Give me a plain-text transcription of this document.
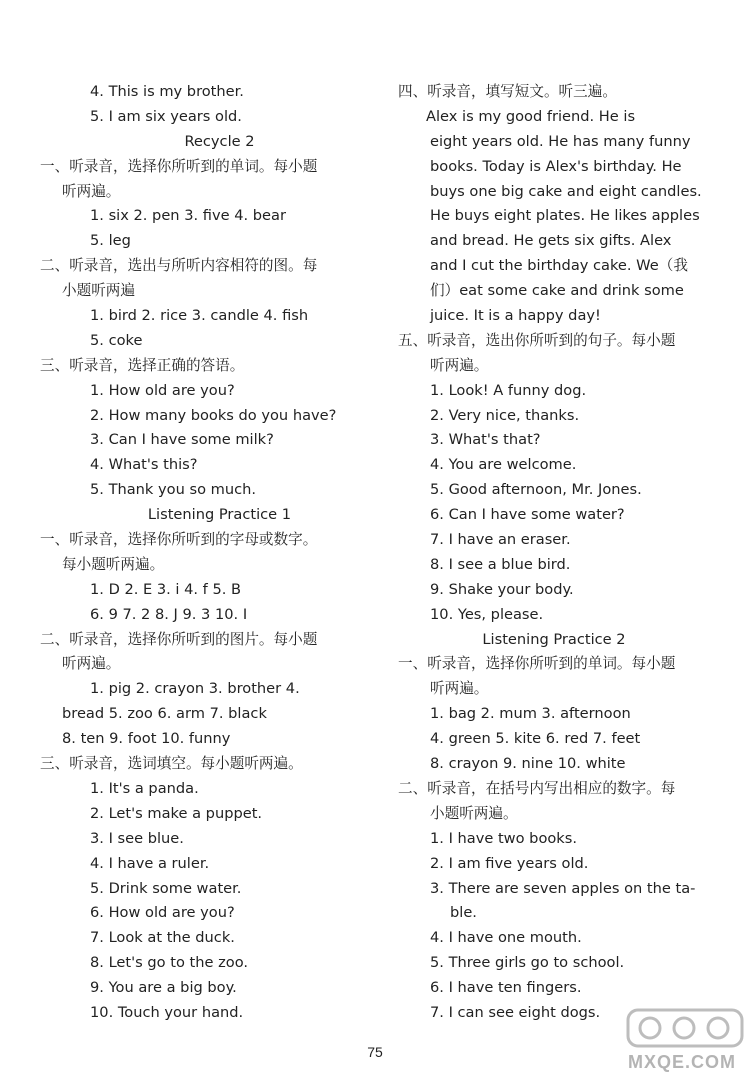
4. This is my brother.
5. I am six years old.
Recycle 2
一、听录音，选择你所听到的单词。每小题
听两遍。
1. six 2. pen 3. five 4. bear
5. leg
二、听录音，选出与所听内容相符的图。每
小题听两遍
1. bird 2. rice 3. candle 4. fish
5. coke
三、听录音，选择正确的答语。
1. How old are you?
2. How many books do you have?
3. Can I have some milk?
4. What's this?
5. Thank you so much.
Listening Practice 1
一、听录音，选择你所听到的字母或数字。
每小题听两遍。
1. D 2. E 3. i 4. f 5. B
6. 9 7. 2 8. J 9. 3 10. I
二、听录音，选择你所听到的图片。每小题
听两遍。
1. pig 2. crayon 3. brother 4.
bread 5. zoo 6. arm 7. black
8. ten 9. foot 10. funny
三、听录音，选词填空。每小题听两遍。
1. It's a panda.
2. Let's make a puppet.
3. I see blue.
4. I have a ruler.
5. Drink some water.
6. How old are you?
7. Look at the duck.
8. Let's go to the zoo.
9. You are a big boy.
10. Touch your hand.
四、听录音，填写短文。听三遍。
Alex is my good friend. He is
eight years old. He has many funny
books. Today is Alex's birthday. He
buys one big cake and eight candles.
He buys eight plates. He likes apples
and bread. He gets six gifts. Alex
and I cut the birthday cake. We（我
们）eat some cake and drink some
juice. It is a happy day!
五、听录音，选出你所听到的句子。每小题
听两遍。
1. Look! A funny dog.
2. Very nice, thanks.
3. What's that?
4. You are welcome.
5. Good afternoon, Mr. Jones.
6. Can I have some water?
7. I have an eraser.
8. I see a blue bird.
9. Shake your body.
10. Yes, please.
Listening Practice 2
一、听录音，选择你所听到的单词。每小题
听两遍。
1. bag 2. mum 3. afternoon
4. green 5. kite 6. red 7. feet
8. crayon 9. nine 10. white
二、听录音，在括号内写出相应的数字。每
小题听两遍。
1. I have two books.
2. I am five years old.
3. There are seven apples on the ta-
ble.
4. I have one mouth.
5. Three girls go to school.
6. I have ten fingers.
7. I can see eight dogs.
75	MXQE.COM
